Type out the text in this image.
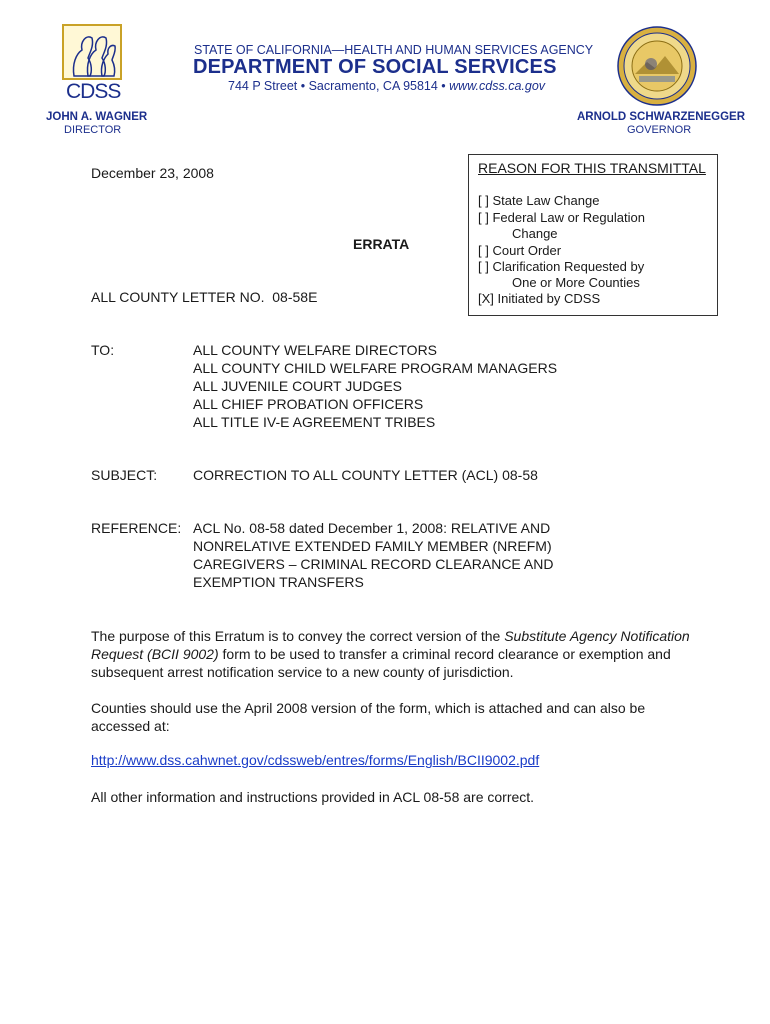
CDSS
STATE OF CALIFORNIA—HEALTH AND HUMAN SERVICES AGENCY
DEPARTMENT OF SOCIAL SERVICES
744 P Street • Sacramento, CA 95814 • www.cdss.ca.gov
JOHN A. WAGNER
DIRECTOR
ARNOLD SCHWARZENEGGER
GOVERNOR
December 23, 2008
ERRATA
ALL COUNTY LETTER NO.  08-58E
REASON FOR THIS TRANSMITTAL
[ ] State Law Change
[ ] Federal Law or Regulation
Change
[ ] Court Order
[ ] Clarification Requested by
One or More Counties
[X] Initiated by CDSS
TO:	ALL COUNTY WELFARE DIRECTORS
ALL COUNTY CHILD WELFARE PROGRAM MANAGERS
ALL JUVENILE COURT JUDGES
ALL CHIEF PROBATION OFFICERS
ALL TITLE IV-E AGREEMENT TRIBES
SUBJECT:	CORRECTION TO ALL COUNTY LETTER (ACL) 08-58
REFERENCE: ACL No. 08-58 dated December 1, 2008: RELATIVE AND
NONRELATIVE EXTENDED FAMILY MEMBER (NREFM)
CAREGIVERS – CRIMINAL RECORD CLEARANCE AND
EXEMPTION TRANSFERS
The purpose of this Erratum is to convey the correct version of the Substitute Agency Notification Request (BCII 9002) form to be used to transfer a criminal record clearance or exemption and subsequent arrest notification service to a new county of jurisdiction.
Counties should use the April 2008 version of the form, which is attached and can also be accessed at:
http://www.dss.cahwnet.gov/cdssweb/entres/forms/English/BCII9002.pdf
All other information and instructions provided in ACL 08-58 are correct.
